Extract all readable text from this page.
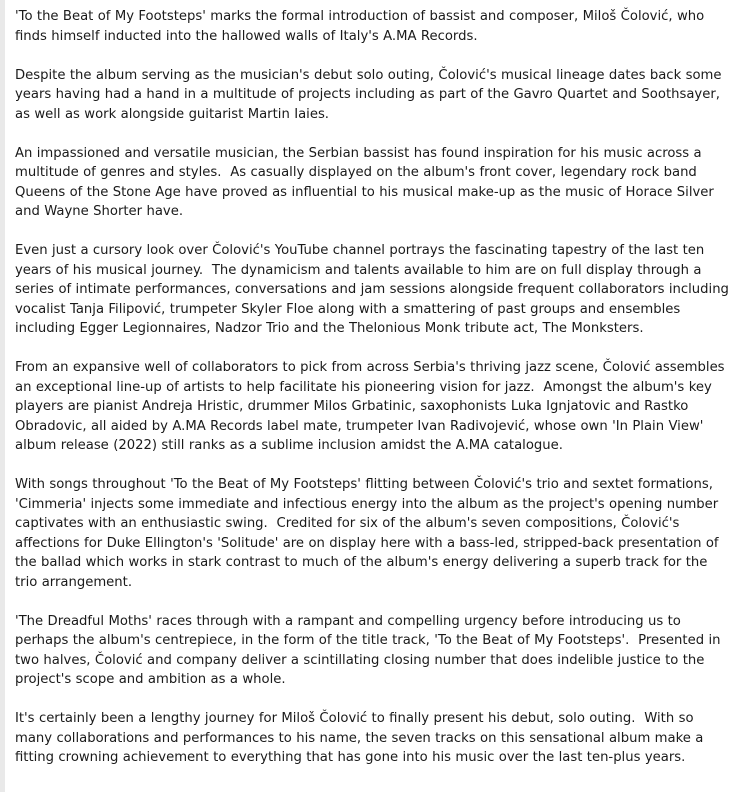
'To the Beat of My Footsteps' marks the formal introduction of bassist and composer, Miloš Čolović, who finds himself inducted into the hallowed walls of Italy's A.MA Records.

Despite the album serving as the musician's debut solo outing, Čolović's musical lineage dates back some years having had a hand in a multitude of projects including as part of the Gavro Quartet and Soothsayer, as well as work alongside guitarist Martin Iaies.

An impassioned and versatile musician, the Serbian bassist has found inspiration for his music across a multitude of genres and styles.  As casually displayed on the album's front cover, legendary rock band Queens of the Stone Age have proved as influential to his musical make-up as the music of Horace Silver and Wayne Shorter have.

Even just a cursory look over Čolović's YouTube channel portrays the fascinating tapestry of the last ten years of his musical journey.  The dynamicism and talents available to him are on full display through a series of intimate performances, conversations and jam sessions alongside frequent collaborators including vocalist Tanja Filipović, trumpeter Skyler Floe along with a smattering of past groups and ensembles including Egger Legionnaires, Nadzor Trio and the Thelonious Monk tribute act, The Monksters.

From an expansive well of collaborators to pick from across Serbia's thriving jazz scene, Čolović assembles an exceptional line-up of artists to help facilitate his pioneering vision for jazz.  Amongst the album's key players are pianist Andreja Hristic, drummer Milos Grbatinic, saxophonists Luka Ignjatovic and Rastko Obradovic, all aided by A.MA Records label mate, trumpeter Ivan Radivojević, whose own 'In Plain View' album release (2022) still ranks as a sublime inclusion amidst the A.MA catalogue.

With songs throughout 'To the Beat of My Footsteps' flitting between Čolović's trio and sextet formations, 'Cimmeria' injects some immediate and infectious energy into the album as the project's opening number captivates with an enthusiastic swing.  Credited for six of the album's seven compositions, Čolović's affections for Duke Ellington's 'Solitude' are on display here with a bass-led, stripped-back presentation of the ballad which works in stark contrast to much of the album's energy delivering a superb track for the trio arrangement.

'The Dreadful Moths' races through with a rampant and compelling urgency before introducing us to perhaps the album's centrepiece, in the form of the title track, 'To the Beat of My Footsteps'.  Presented in two halves, Čolović and company deliver a scintillating closing number that does indelible justice to the project's scope and ambition as a whole.

It's certainly been a lengthy journey for Miloš Čolović to finally present his debut, solo outing.  With so many collaborations and performances to his name, the seven tracks on this sensational album make a fitting crowning achievement to everything that has gone into his music over the last ten-plus years.
